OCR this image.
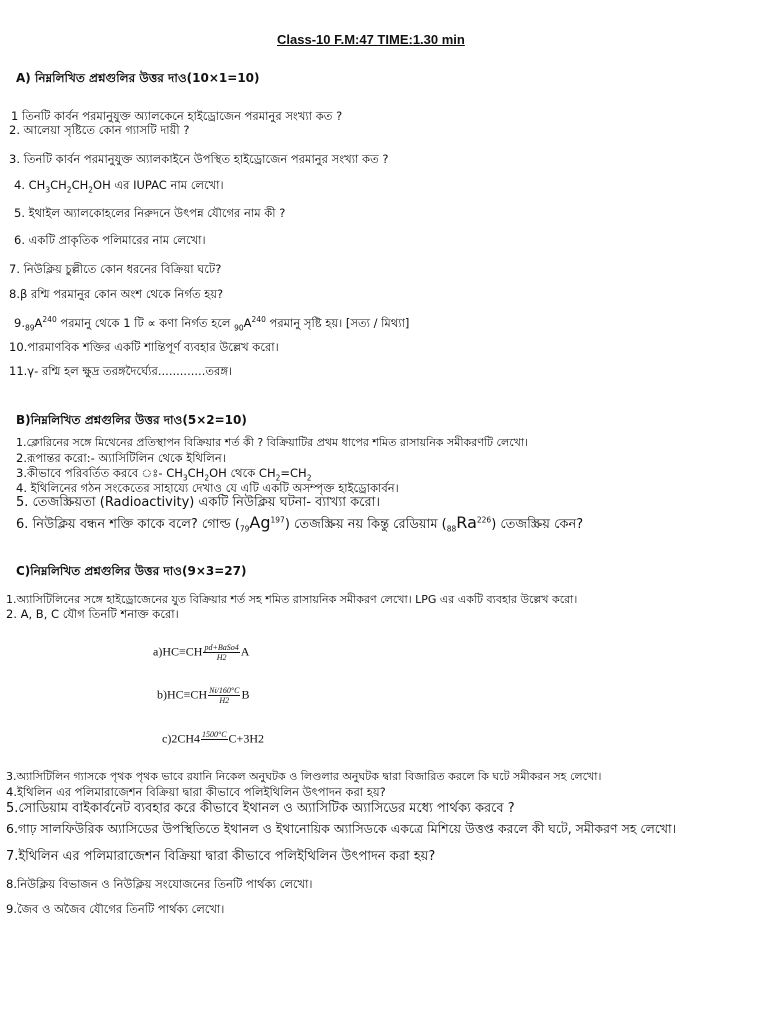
Class-10 F.M:47 TIME:1.30 min
A) নিম্নলিখিত প্রশ্নগুলির উত্তর দাও(10×1=10)
1 তিনটি কার্বন পরমানুযুক্ত অ্যালকেনে হাইড্রোজেন পরমানুর সংখ্যা কত ?
2. আলেয়া সৃষ্টিতে কোন গ্যাসটি দায়ী ?
3. তিনটি কার্বন পরমানুযুক্ত অ্যালকাইনে উপস্থিত হাইড্রোজেন পরমানুর সংখ্যা কত ?
4. $CH_3CH_2CH_2OH$ এর IUPAC নাম লেখো।
5. ইথাইল অ্যালকোহলের নিরুদনে উৎপন্ন যৌগের নাম কী ?
6. একটি প্রাকৃতিক পলিমারের নাম লেখো।
7. নিউক্লিয় চুল্লীতে কোন ধরনের বিক্রিয়া ঘটে?
8.β রশ্মি পরমানুর কোন অংশ থেকে নির্গত হয়?
$9._{89}A^{240}$ পরমানু থেকে 1 টি ∝ কণা নির্গত হলে $_{90}A^{240}$ পরমানু সৃষ্টি হয়। [সত্য / মিথ্যা]
10.পারমাণবিক শক্তির একটি শান্তিপূর্ণ ব্যবহার উল্লেখ করো।
11.γ- রশ্মি হল ক্ষুদ্র তরঙ্গদৈর্ঘ্যের.............তরঙ্গ।
B)নিম্নলিখিত প্রশ্নগুলির উত্তর দাও(5×2=10)
1.ক্লোরিনের সঙ্গে মিথেনের প্রতিস্থাপন বিক্রিয়ার শর্ত কী ? বিক্রিয়াটির প্রথম ধাপের শমিত রাসায়নিক সমীকরণটি লেখো।
2.রূপান্তর করো:- অ্যাসিটিলিন থেকে ইথিলিন।
3.কীভাবে পরিবর্তিত করবে ঃ- $CH_3CH_2OH$ থেকে $CH_2=CH_2$
4. ইথিলিনের গঠন সংকেতের সাহায্যে দেখাও যে এটি একটি অসম্পৃক্ত হাইড্রোকার্বন।
5. তেজস্ক্রিয়তা (Radioactivity) একটি নিউক্লিয় ঘটনা- ব্যাখ্যা করো।
6. নিউক্লিয় বন্ধন শক্তি কাকে বলে? গোল্ড $(_{79}Ag^{197})$ তেজস্ক্রিয় নয় কিন্তু রেডিয়াম $(_{88}Ra^{226})$ তেজস্ক্রিয় কেন?
C)নিম্নলিখিত প্রশ্নগুলির উত্তর দাও(9×3=27)
1.অ্যাসিটিলিনের সঙ্গে হাইড্রোজেনের যুত বিক্রিয়ার শর্ত সহ শমিত রাসায়নিক সমীকরণ লেখো। LPG এর একটি ব্যবহার উল্লেখ করো।
2. A, B, C যৌগ তিনটি শনাক্ত করো।
$a)HC\equiv CH \frac{\text{pd+BaSo4}}{H2}$ A
$b)HC\equiv CH \frac{Ni/160^\circ C}{H2}$ B
c)2CH4 1500°C C+3H2
3.অ্যাসিটিলিন গ্যাসকে পৃথক পৃথক ভাবে রযানি নিকেল অনুঘটক ও লিণ্ডলার অনুঘটক দ্বারা বিজারিত করলে কি ঘটে সমীকরন সহ লেখো।
4.ইথিলিন এর পলিমারাজেশন বিক্রিয়া দ্বারা কীভাবে পলিইথিলিন উৎপাদন করা হয়?
5.সোডিয়াম বাইকার্বনেট ব্যবহার করে কীভাবে ইথানল ও অ্যাসিটিক অ্যাসিডের মধ্যে পার্থক্য করবে ?
6.গাঢ় সালফিউরিক অ্যাসিডের উপস্থিতিতে ইথানল ও ইথানোয়িক অ্যাসিডকে একত্রে মিশিয়ে উত্তপ্ত করলে কী ঘটে, সমীকরণ সহ লেখো।
7.ইথিলিন এর পলিমারাজেশন বিক্রিয়া দ্বারা কীভাবে পলিইথিলিন উৎপাদন করা হয়?
8.নিউক্লিয় বিভাজন ও নিউক্লিয় সংযোজনের তিনটি পার্থক্য লেখো।
9.জৈব ও অজৈব যৌগের তিনটি পার্থক্য লেখো।
